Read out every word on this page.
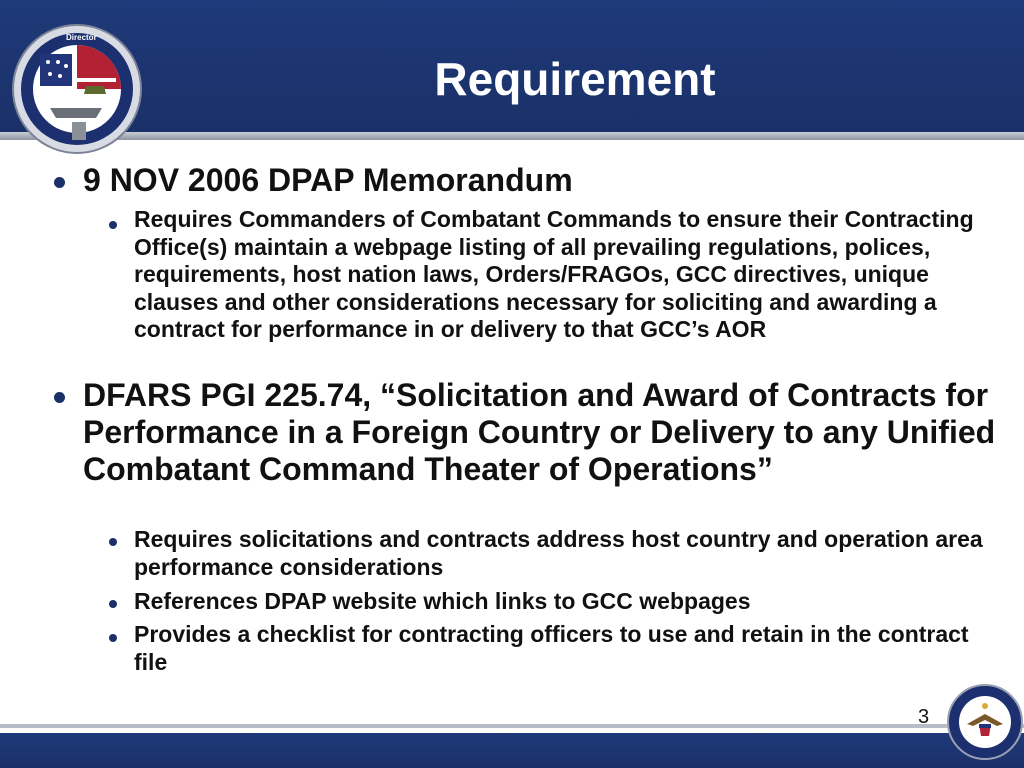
Director
Requirement
9 NOV 2006 DPAP Memorandum
Requires Commanders of Combatant Commands to ensure their Contracting Office(s) maintain a webpage listing of all prevailing regulations, polices, requirements, host nation laws, Orders/FRAGOs, GCC directives, unique clauses and other considerations necessary for soliciting and awarding a contract for performance in or delivery to that GCC’s AOR
DFARS PGI 225.74, “Solicitation and Award of Contracts for Performance in a Foreign Country or Delivery to any Unified Combatant Command Theater of Operations”
Requires solicitations and contracts address host country and operation area performance considerations
References DPAP website which links to GCC webpages
Provides a checklist for contracting officers to use and retain in the contract file
3
